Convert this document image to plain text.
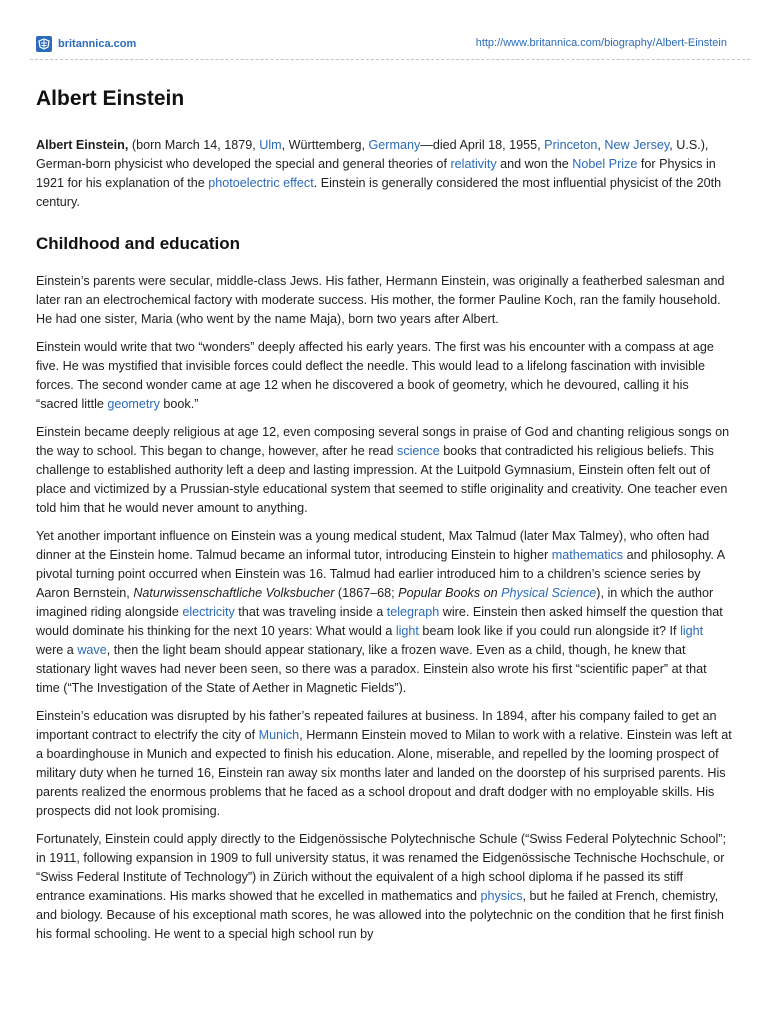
britannica.com	http://www.britannica.com/biography/Albert-Einstein
Albert Einstein

Albert Einstein, (born March 14, 1879, Ulm, Württemberg, Germany—died April 18, 1955, Princeton, New Jersey, U.S.), German-born physicist who developed the special and general theories of relativity and won the Nobel Prize for Physics in 1921 for his explanation of the photoelectric effect. Einstein is generally considered the most influential physicist of the 20th century.

Childhood and education

Einstein’s parents were secular, middle-class Jews. His father, Hermann Einstein, was originally a featherbed salesman and later ran an electrochemical factory with moderate success. His mother, the former Pauline Koch, ran the family household. He had one sister, Maria (who went by the name Maja), born two years after Albert.

Einstein would write that two “wonders” deeply affected his early years. The first was his encounter with a compass at age five. He was mystified that invisible forces could deflect the needle. This would lead to a lifelong fascination with invisible forces. The second wonder came at age 12 when he discovered a book of geometry, which he devoured, calling it his “sacred little geometry book.”

Einstein became deeply religious at age 12, even composing several songs in praise of God and chanting religious songs on the way to school. This began to change, however, after he read science books that contradicted his religious beliefs. This challenge to established authority left a deep and lasting impression. At the Luitpold Gymnasium, Einstein often felt out of place and victimized by a Prussian-style educational system that seemed to stifle originality and creativity. One teacher even told him that he would never amount to anything.

Yet another important influence on Einstein was a young medical student, Max Talmud (later Max Talmey), who often had dinner at the Einstein home. Talmud became an informal tutor, introducing Einstein to higher mathematics and philosophy. A pivotal turning point occurred when Einstein was 16. Talmud had earlier introduced him to a children’s science series by Aaron Bernstein, Naturwissenschaftliche Volksbucher (1867–68; Popular Books on Physical Science), in which the author imagined riding alongside electricity that was traveling inside a telegraph wire. Einstein then asked himself the question that would dominate his thinking for the next 10 years: What would a light beam look like if you could run alongside it? If light were a wave, then the light beam should appear stationary, like a frozen wave. Even as a child, though, he knew that stationary light waves had never been seen, so there was a paradox. Einstein also wrote his first “scientific paper” at that time (“The Investigation of the State of Aether in Magnetic Fields”).

Einstein’s education was disrupted by his father’s repeated failures at business. In 1894, after his company failed to get an important contract to electrify the city of Munich, Hermann Einstein moved to Milan to work with a relative. Einstein was left at a boardinghouse in Munich and expected to finish his education. Alone, miserable, and repelled by the looming prospect of military duty when he turned 16, Einstein ran away six months later and landed on the doorstep of his surprised parents. His parents realized the enormous problems that he faced as a school dropout and draft dodger with no employable skills. His prospects did not look promising.

Fortunately, Einstein could apply directly to the Eidgenössische Polytechnische Schule (“Swiss Federal Polytechnic School”; in 1911, following expansion in 1909 to full university status, it was renamed the Eidgenössische Technische Hochschule, or “Swiss Federal Institute of Technology”) in Zürich without the equivalent of a high school diploma if he passed its stiff entrance examinations. His marks showed that he excelled in mathematics and physics, but he failed at French, chemistry, and biology. Because of his exceptional math scores, he was allowed into the polytechnic on the condition that he first finish his formal schooling. He went to a special high school run by
